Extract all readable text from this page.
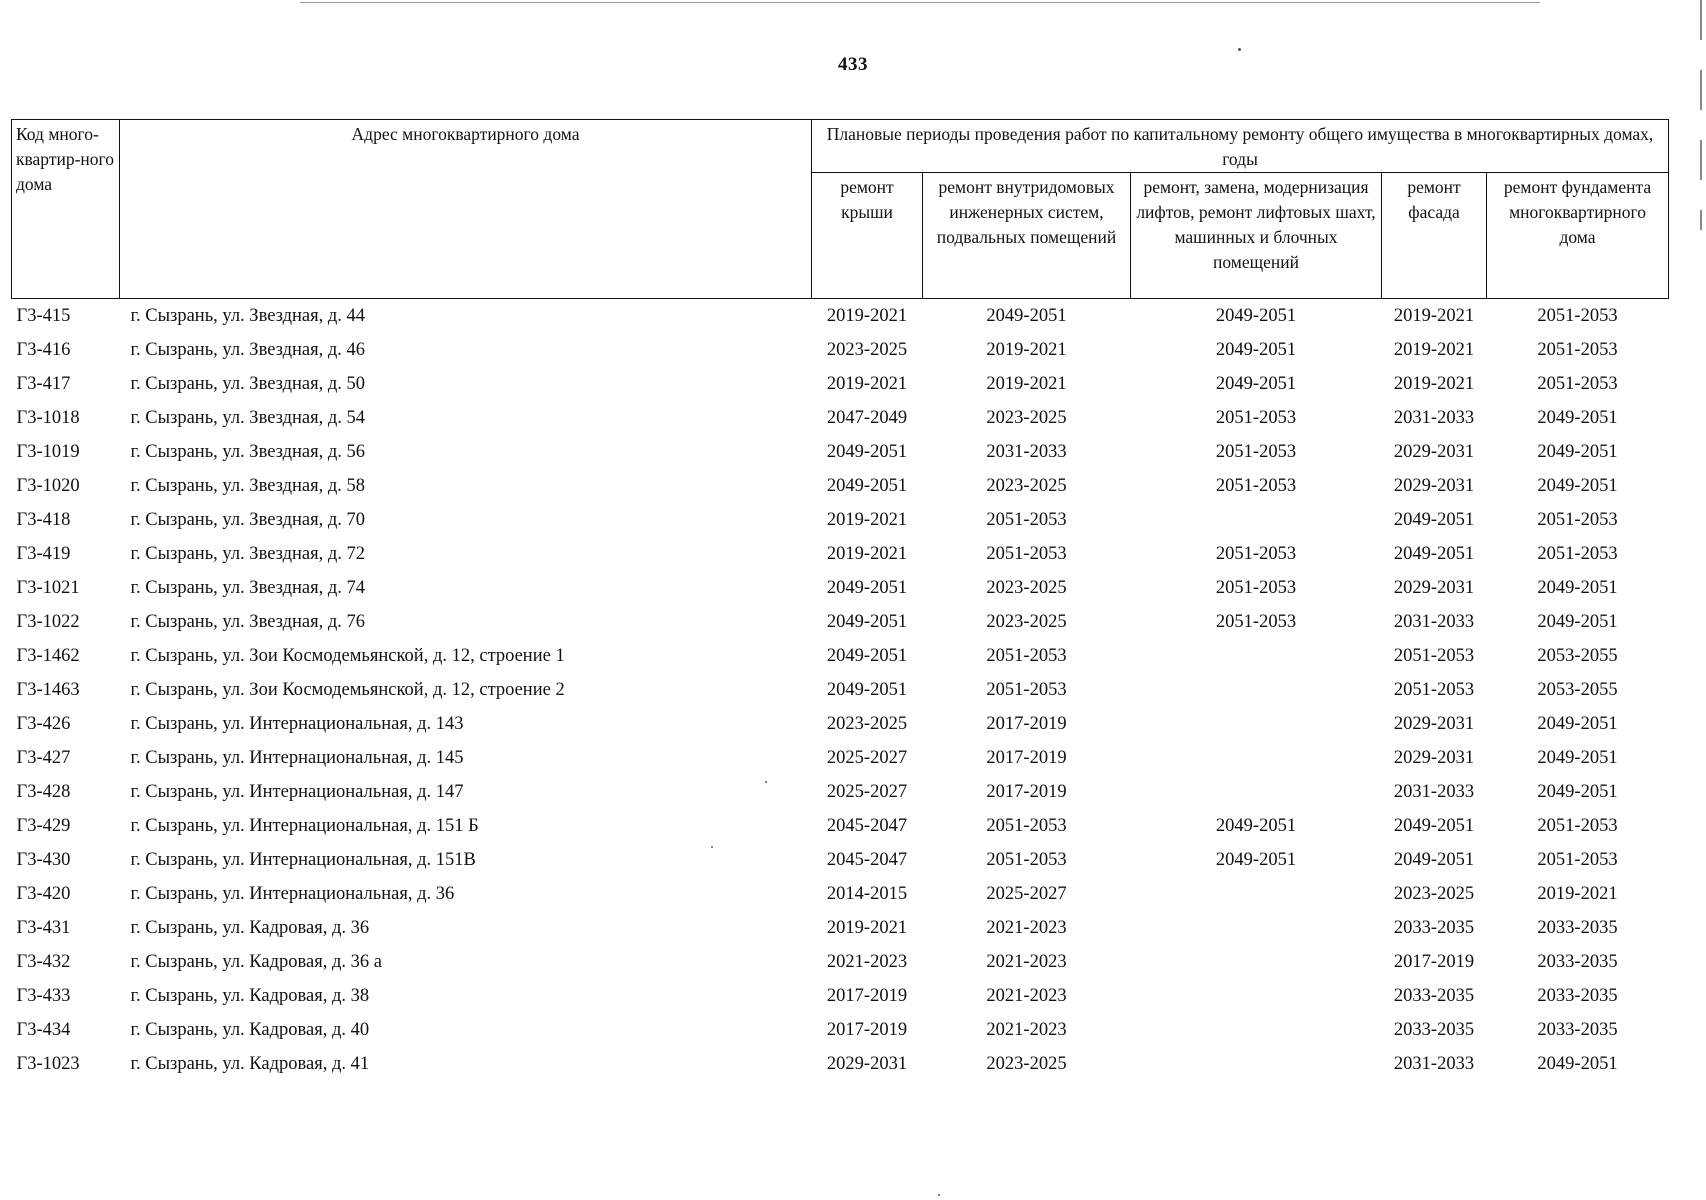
433
Код много-квартир-ного дома	Адрес многоквартирного дома	Плановые периоды проведения работ по капитальному ремонту общего имущества в многоквартирных домах, годы				
		ремонт крыши	ремонт внутридомовых инженерных систем, подвальных помещений	ремонт, замена, модернизация лифтов, ремонт лифтовых шахт, машинных и блочных помещений	ремонт фасада	ремонт фундамента многоквартирного дома
Г3-415	г. Сызрань, ул. Звездная, д. 44	2019-2021	2049-2051	2049-2051	2019-2021	2051-2053
Г3-416	г. Сызрань, ул. Звездная, д. 46	2023-2025	2019-2021	2049-2051	2019-2021	2051-2053
Г3-417	г. Сызрань, ул. Звездная, д. 50	2019-2021	2019-2021	2049-2051	2019-2021	2051-2053
Г3-1018	г. Сызрань, ул. Звездная, д. 54	2047-2049	2023-2025	2051-2053	2031-2033	2049-2051
Г3-1019	г. Сызрань, ул. Звездная, д. 56	2049-2051	2031-2033	2051-2053	2029-2031	2049-2051
Г3-1020	г. Сызрань, ул. Звездная, д. 58	2049-2051	2023-2025	2051-2053	2029-2031	2049-2051
Г3-418	г. Сызрань, ул. Звездная, д. 70	2019-2021	2051-2053		2049-2051	2051-2053
Г3-419	г. Сызрань, ул. Звездная, д. 72	2019-2021	2051-2053	2051-2053	2049-2051	2051-2053
Г3-1021	г. Сызрань, ул. Звездная, д. 74	2049-2051	2023-2025	2051-2053	2029-2031	2049-2051
Г3-1022	г. Сызрань, ул. Звездная, д. 76	2049-2051	2023-2025	2051-2053	2031-2033	2049-2051
Г3-1462	г. Сызрань, ул. Зои Космодемьянской, д. 12, строение 1	2049-2051	2051-2053		2051-2053	2053-2055
Г3-1463	г. Сызрань, ул. Зои Космодемьянской, д. 12, строение 2	2049-2051	2051-2053		2051-2053	2053-2055
Г3-426	г. Сызрань, ул. Интернациональная, д. 143	2023-2025	2017-2019		2029-2031	2049-2051
Г3-427	г. Сызрань, ул. Интернациональная, д. 145	2025-2027	2017-2019		2029-2031	2049-2051
Г3-428	г. Сызрань, ул. Интернациональная, д. 147	2025-2027	2017-2019		2031-2033	2049-2051
Г3-429	г. Сызрань, ул. Интернациональная, д. 151 Б	2045-2047	2051-2053	2049-2051	2049-2051	2051-2053
Г3-430	г. Сызрань, ул. Интернациональная, д. 151В	2045-2047	2051-2053	2049-2051	2049-2051	2051-2053
Г3-420	г. Сызрань, ул. Интернациональная, д. 36	2014-2015	2025-2027		2023-2025	2019-2021
Г3-431	г. Сызрань, ул. Кадровая, д. 36	2019-2021	2021-2023		2033-2035	2033-2035
Г3-432	г. Сызрань, ул. Кадровая, д. 36 а	2021-2023	2021-2023		2017-2019	2033-2035
Г3-433	г. Сызрань, ул. Кадровая, д. 38	2017-2019	2021-2023		2033-2035	2033-2035
Г3-434	г. Сызрань, ул. Кадровая, д. 40	2017-2019	2021-2023		2033-2035	2033-2035
Г3-1023	г. Сызрань, ул. Кадровая, д. 41	2029-2031	2023-2025		2031-2033	2049-2051
